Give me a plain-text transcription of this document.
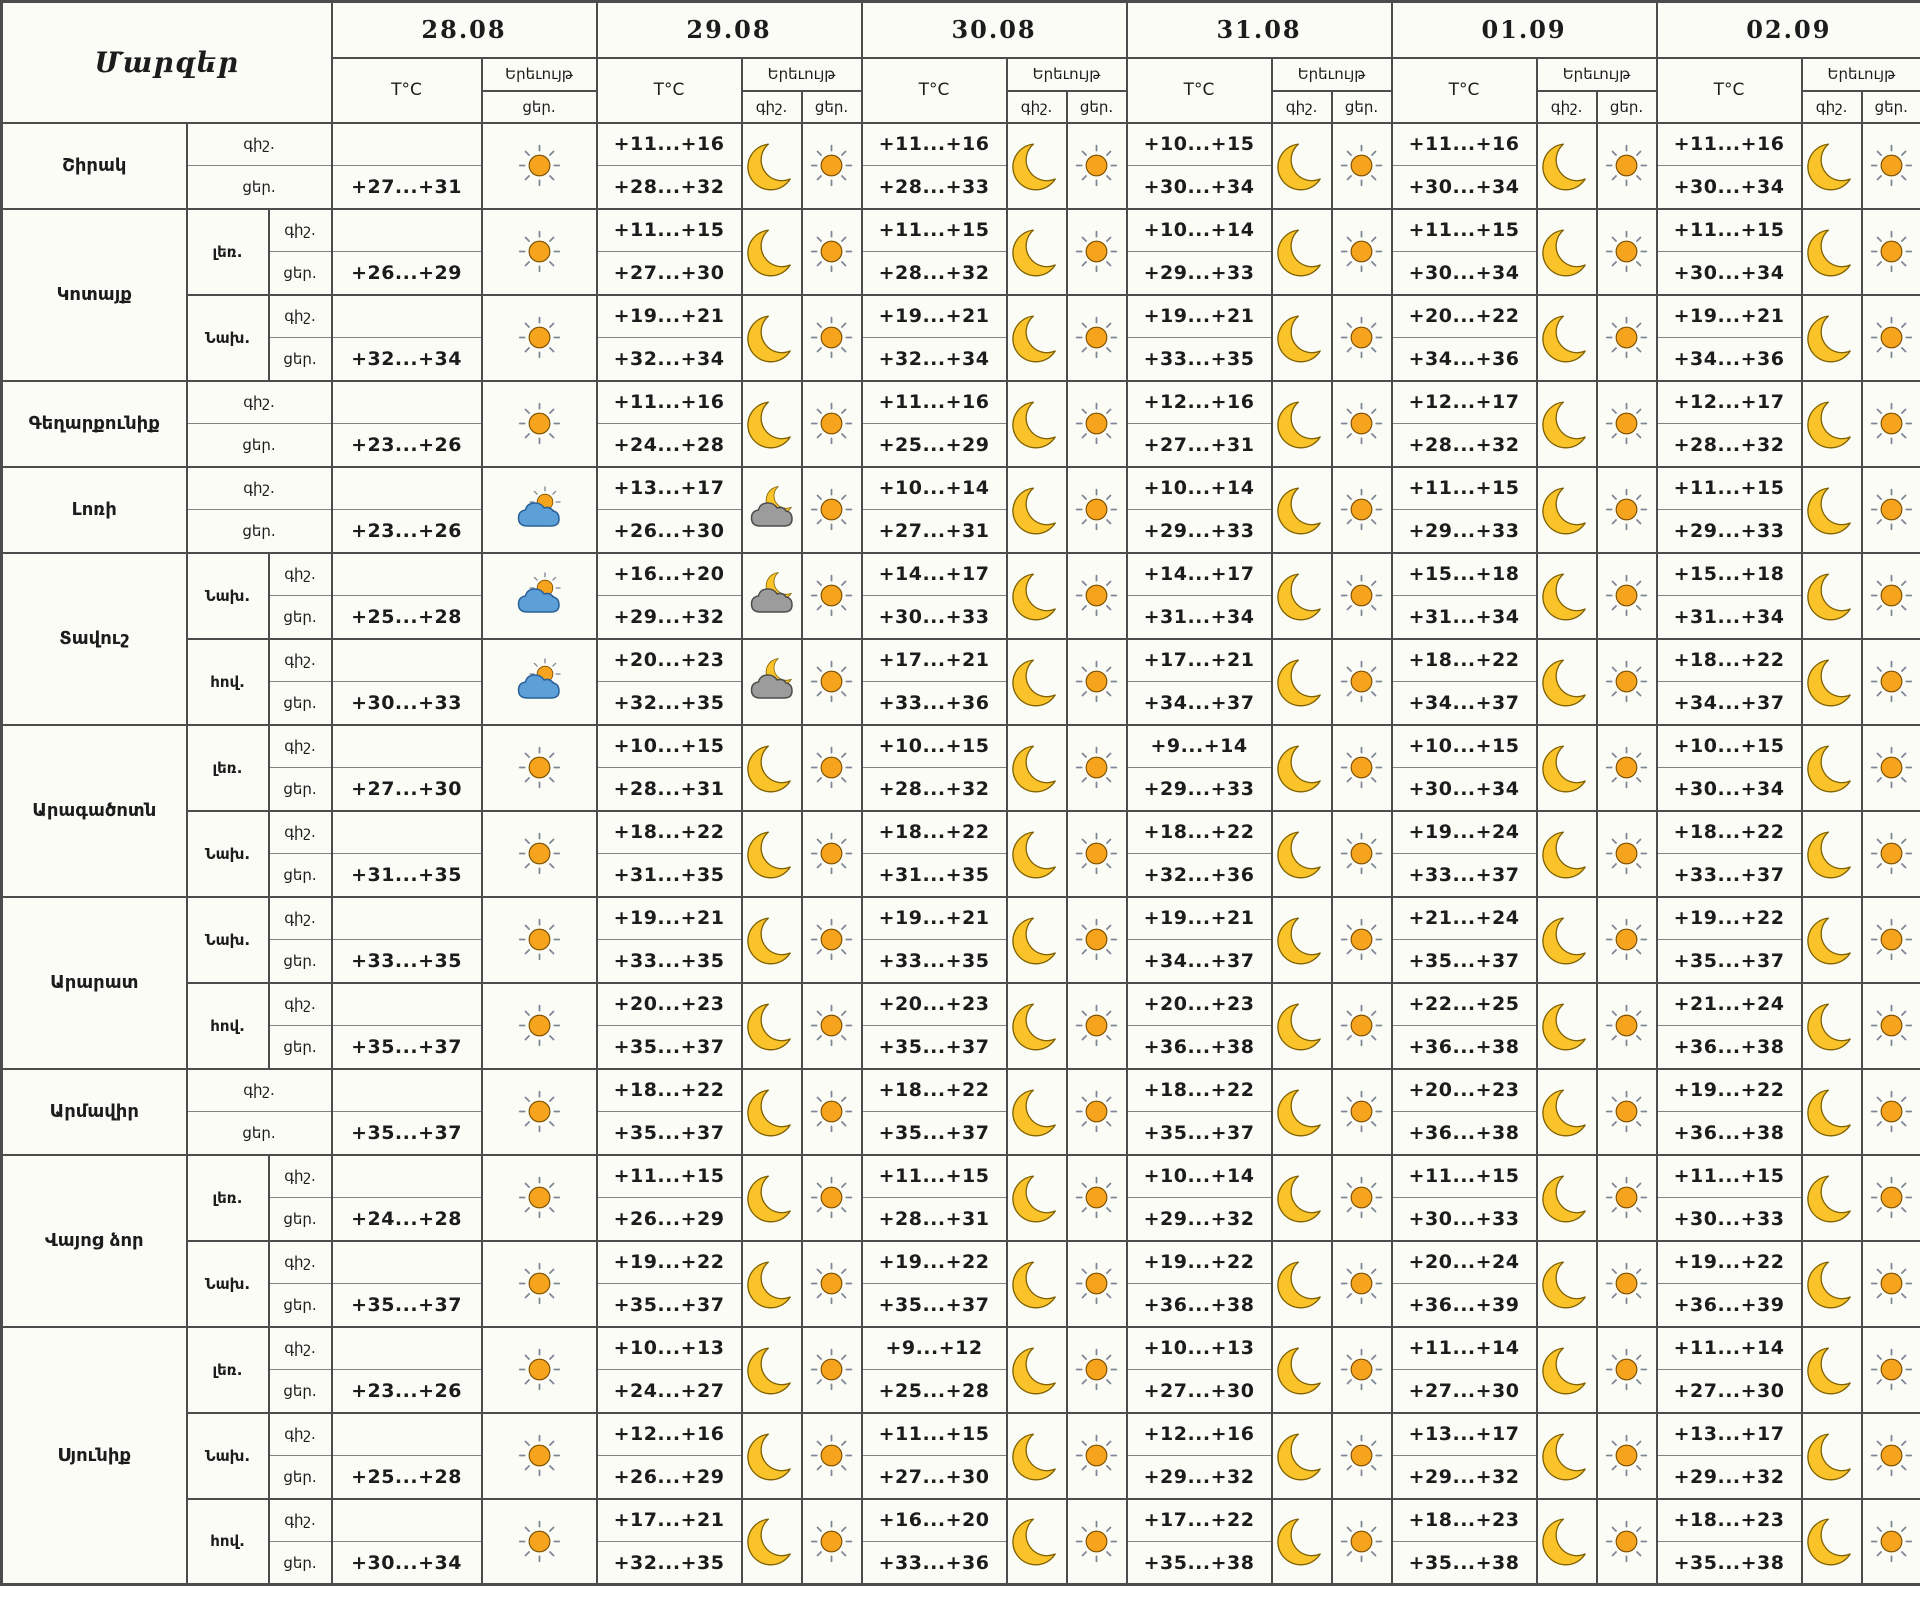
Մարզեր			28.08		29.08			30.08			31.08			01.09			02.09		
			T°C	Երեւույթ	T°C	Երեւույթ		T°C	Երեւույթ		T°C	Երեւույթ		T°C	Երեւույթ		T°C	Երեւույթ	
				ցեր.		գիշ.	ցեր.		գիշ.	ցեր.		գիշ.	ցեր.		գիշ.	ցեր.		գիշ.	ցեր.
Շիրակ	գիշ.				+11...+16			+11...+16			+10...+15			+11...+16			+11...+16	

	ցեր.		+27...+31		+28...+32			+28...+33			+30...+34			+30...+34			+30...+34		
Կոտայք	լեռ.	գիշ.			+11...+15			+11...+15			+10...+14			+11...+15			+11...+15	

		ցեր.	+26...+29		+27...+30			+28...+32			+29...+33			+30...+34			+30...+34		
	Նախ.	գիշ.			+19...+21			+19...+21			+19...+21			+20...+22			+19...+21	

		ցեր.	+32...+34		+32...+34			+32...+34			+33...+35			+34...+36			+34...+36		
Գեղարքունիք	գիշ.				+11...+16			+11...+16			+12...+16			+12...+17			+12...+17	

	ցեր.		+23...+26		+24...+28			+25...+29			+27...+31			+28...+32			+28...+32		
Լոռի	գիշ.				+13...+17			+10...+14			+10...+14			+11...+15			+11...+15	

	ցեր.		+23...+26		+26...+30			+27...+31			+29...+33			+29...+33			+29...+33		
Տավուշ	Նախ.	գիշ.			+16...+20			+14...+17			+14...+17			+15...+18			+15...+18	

		ցեր.	+25...+28		+29...+32			+30...+33			+31...+34			+31...+34			+31...+34		
	հով.	գիշ.			+20...+23			+17...+21			+17...+21			+18...+22			+18...+22	

		ցեր.	+30...+33		+32...+35			+33...+36			+34...+37			+34...+37			+34...+37		
Արագածոտն	լեռ.	գիշ.			+10...+15			+10...+15			+9...+14			+10...+15			+10...+15	

		ցեր.	+27...+30		+28...+31			+28...+32			+29...+33			+30...+34			+30...+34		
	Նախ.	գիշ.			+18...+22			+18...+22			+18...+22			+19...+24			+18...+22	

		ցեր.	+31...+35		+31...+35			+31...+35			+32...+36			+33...+37			+33...+37		
Արարատ	Նախ.	գիշ.			+19...+21			+19...+21			+19...+21			+21...+24			+19...+22	

		ցեր.	+33...+35		+33...+35			+33...+35			+34...+37			+35...+37			+35...+37		
	հով.	գիշ.			+20...+23			+20...+23			+20...+23			+22...+25			+21...+24	

		ցեր.	+35...+37		+35...+37			+35...+37			+36...+38			+36...+38			+36...+38		
Արմավիր	գիշ.				+18...+22			+18...+22			+18...+22			+20...+23			+19...+22	

	ցեր.		+35...+37		+35...+37			+35...+37			+35...+37			+36...+38			+36...+38		
Վայոց ձոր	լեռ.	գիշ.			+11...+15			+11...+15			+10...+14			+11...+15			+11...+15	

		ցեր.	+24...+28		+26...+29			+28...+31			+29...+32			+30...+33			+30...+33		
	Նախ.	գիշ.			+19...+22			+19...+22			+19...+22			+20...+24			+19...+22	

		ցեր.	+35...+37		+35...+37			+35...+37			+36...+38			+36...+39			+36...+39		
Սյունիք	լեռ.	գիշ.			+10...+13			+9...+12			+10...+13			+11...+14			+11...+14	

		ցեր.	+23...+26		+24...+27			+25...+28			+27...+30			+27...+30			+27...+30		
	Նախ.	գիշ.			+12...+16			+11...+15			+12...+16			+13...+17			+13...+17	

		ցեր.	+25...+28		+26...+29			+27...+30			+29...+32			+29...+32			+29...+32		
	հով.	գիշ.			+17...+21			+16...+20			+17...+22			+18...+23			+18...+23	

		ցեր.	+30...+34		+32...+35			+33...+36			+35...+38			+35...+38			+35...+38		
